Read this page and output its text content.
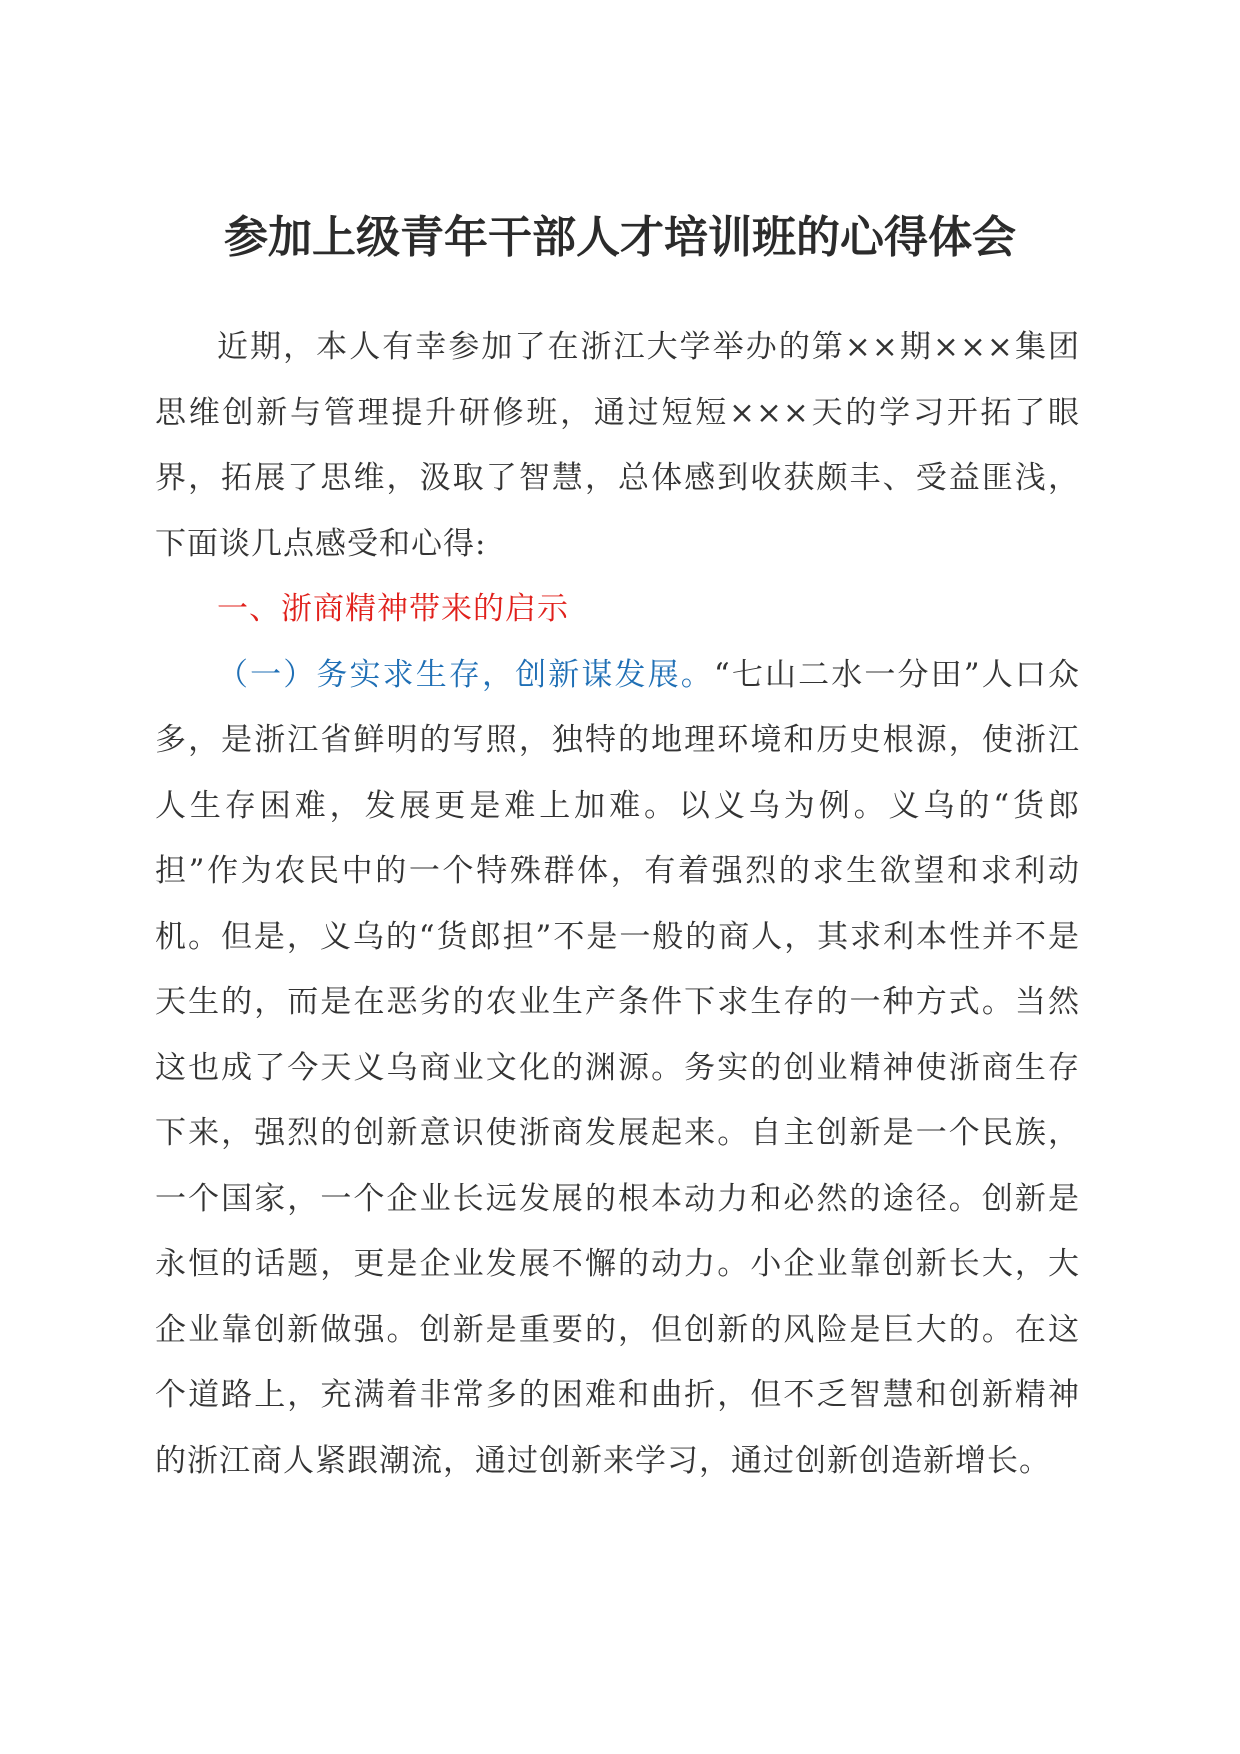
参加上级青年干部人才培训班的心得体会

近期，本人有幸参加了在浙江大学举办的第××期×××集团思维创新与管理提升研修班，通过短短×××天的学习开拓了眼界，拓展了思维，汲取了智慧，总体感到收获颇丰、受益匪浅，下面谈几点感受和心得:

一、浙商精神带来的启示

（一）务实求生存，创新谋发展。“七山二水一分田”人口众多，是浙江省鲜明的写照，独特的地理环境和历史根源，使浙江人生存困难，发展更是难上加难。以义乌为例。义乌的“货郎担”作为农民中的一个特殊群体，有着强烈的求生欲望和求利动机。但是，义乌的“货郎担”不是一般的商人，其求利本性并不是天生的，而是在恶劣的农业生产条件下求生存的一种方式。当然这也成了今天义乌商业文化的渊源。务实的创业精神使浙商生存下来，强烈的创新意识使浙商发展起来。自主创新是一个民族，一个国家，一个企业长远发展的根本动力和必然的途径。创新是永恒的话题，更是企业发展不懈的动力。小企业靠创新长大，大企业靠创新做强。创新是重要的，但创新的风险是巨大的。在这个道路上，充满着非常多的困难和曲折，但不乏智慧和创新精神的浙江商人紧跟潮流，通过创新来学习，通过创新创造新增长。
